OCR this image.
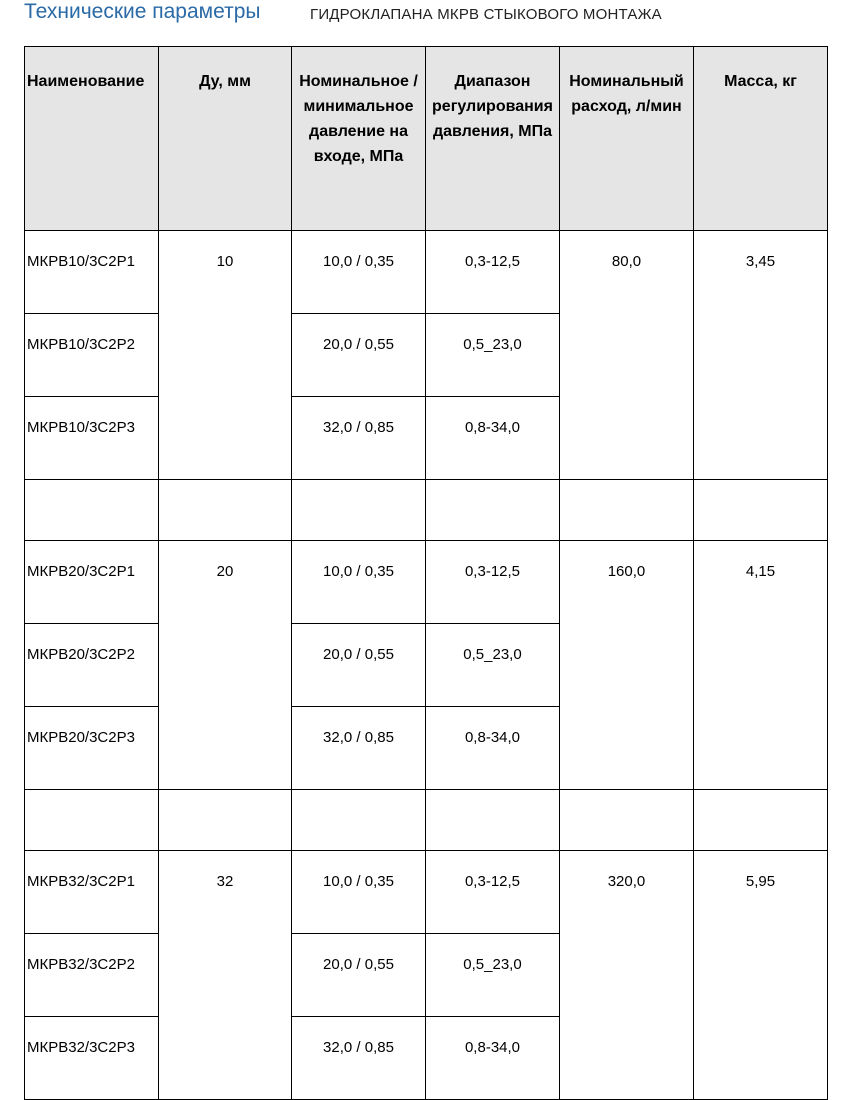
Технические параметры	ГИДРОКЛАПАНА МКРВ СТЫКОВОГО МОНТАЖА
Наименование	Ду, мм	Номинальное / минимальное давление на входе, МПа	Диапазон регулирования давления, МПа	Номинальный расход, л/мин	Масса, кг
МКРВ10/3С2Р1	10	10,0 / 0,35	0,3-12,5	80,0	3,45
МКРВ10/3С2Р2		20,0 / 0,55	0,5_23,0		
МКРВ10/3С2Р3		32,0 / 0,85	0,8-34,0		

МКРВ20/3С2Р1	20	10,0 / 0,35	0,3-12,5	160,0	4,15
МКРВ20/3С2Р2		20,0 / 0,55	0,5_23,0		
МКРВ20/3С2Р3		32,0 / 0,85	0,8-34,0		

МКРВ32/3С2Р1	32	10,0 / 0,35	0,3-12,5	320,0	5,95
МКРВ32/3С2Р2		20,0 / 0,55	0,5_23,0		
МКРВ32/3С2Р3		32,0 / 0,85	0,8-34,0		
